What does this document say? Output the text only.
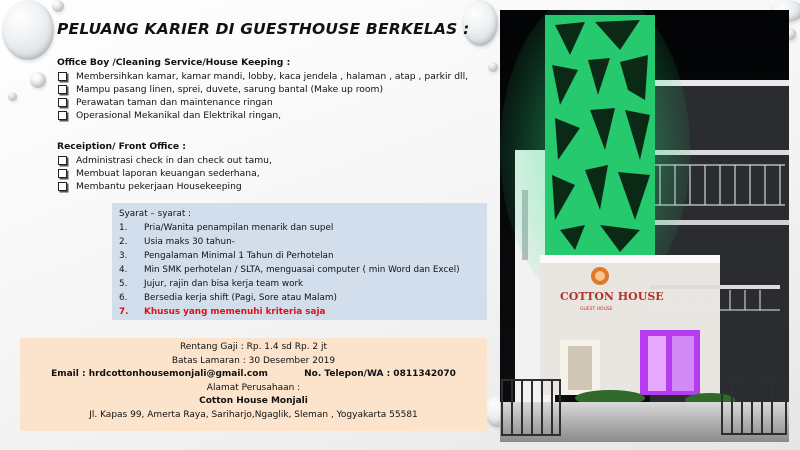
PELUANG KARIER DI GUESTHOUSE BERKELAS :
Office Boy /Cleaning Service/House Keeping :
Membersihkan kamar, kamar mandi, lobby, kaca jendela , halaman , atap , parkir dll,
Mampu pasang linen, sprei, duvete, sarung bantal (Make up room)
Perawatan taman dan maintenance ringan
Operasional Mekanikal dan Elektrikal ringan,
Receiption/ Front Office :
Administrasi check in dan check out tamu,
Membuat laporan keuangan sederhana,
Membantu pekerjaan Housekeeping
Syarat – syarat :
1. Pria/Wanita penampilan menarik dan supel
2. Usia maks 30 tahun-
3. Pengalaman Minimal 1 Tahun di Perhotelan
4. Min SMK perhotelan / SLTA, menguasai computer ( min Word dan Excel)
5. Jujur, rajin dan bisa kerja team work
6. Bersedia kerja shift (Pagi, Sore atau Malam)
7. Khusus yang memenuhi kriteria saja
Rentang Gaji : Rp. 1.4 sd Rp. 2 jt
Batas Lamaran : 30 Desember 2019
Email : hrdcottonhousemonjali@gmail.com	No. Telepon/WA : 0811342070
Alamat Perusahaan :
Cotton House Monjali
Jl. Kapas 99, Amerta Raya, Sariharjo,Ngaglik, Sleman , Yogyakarta 55581
COTTON HOUSE
GUEST HOUSE
